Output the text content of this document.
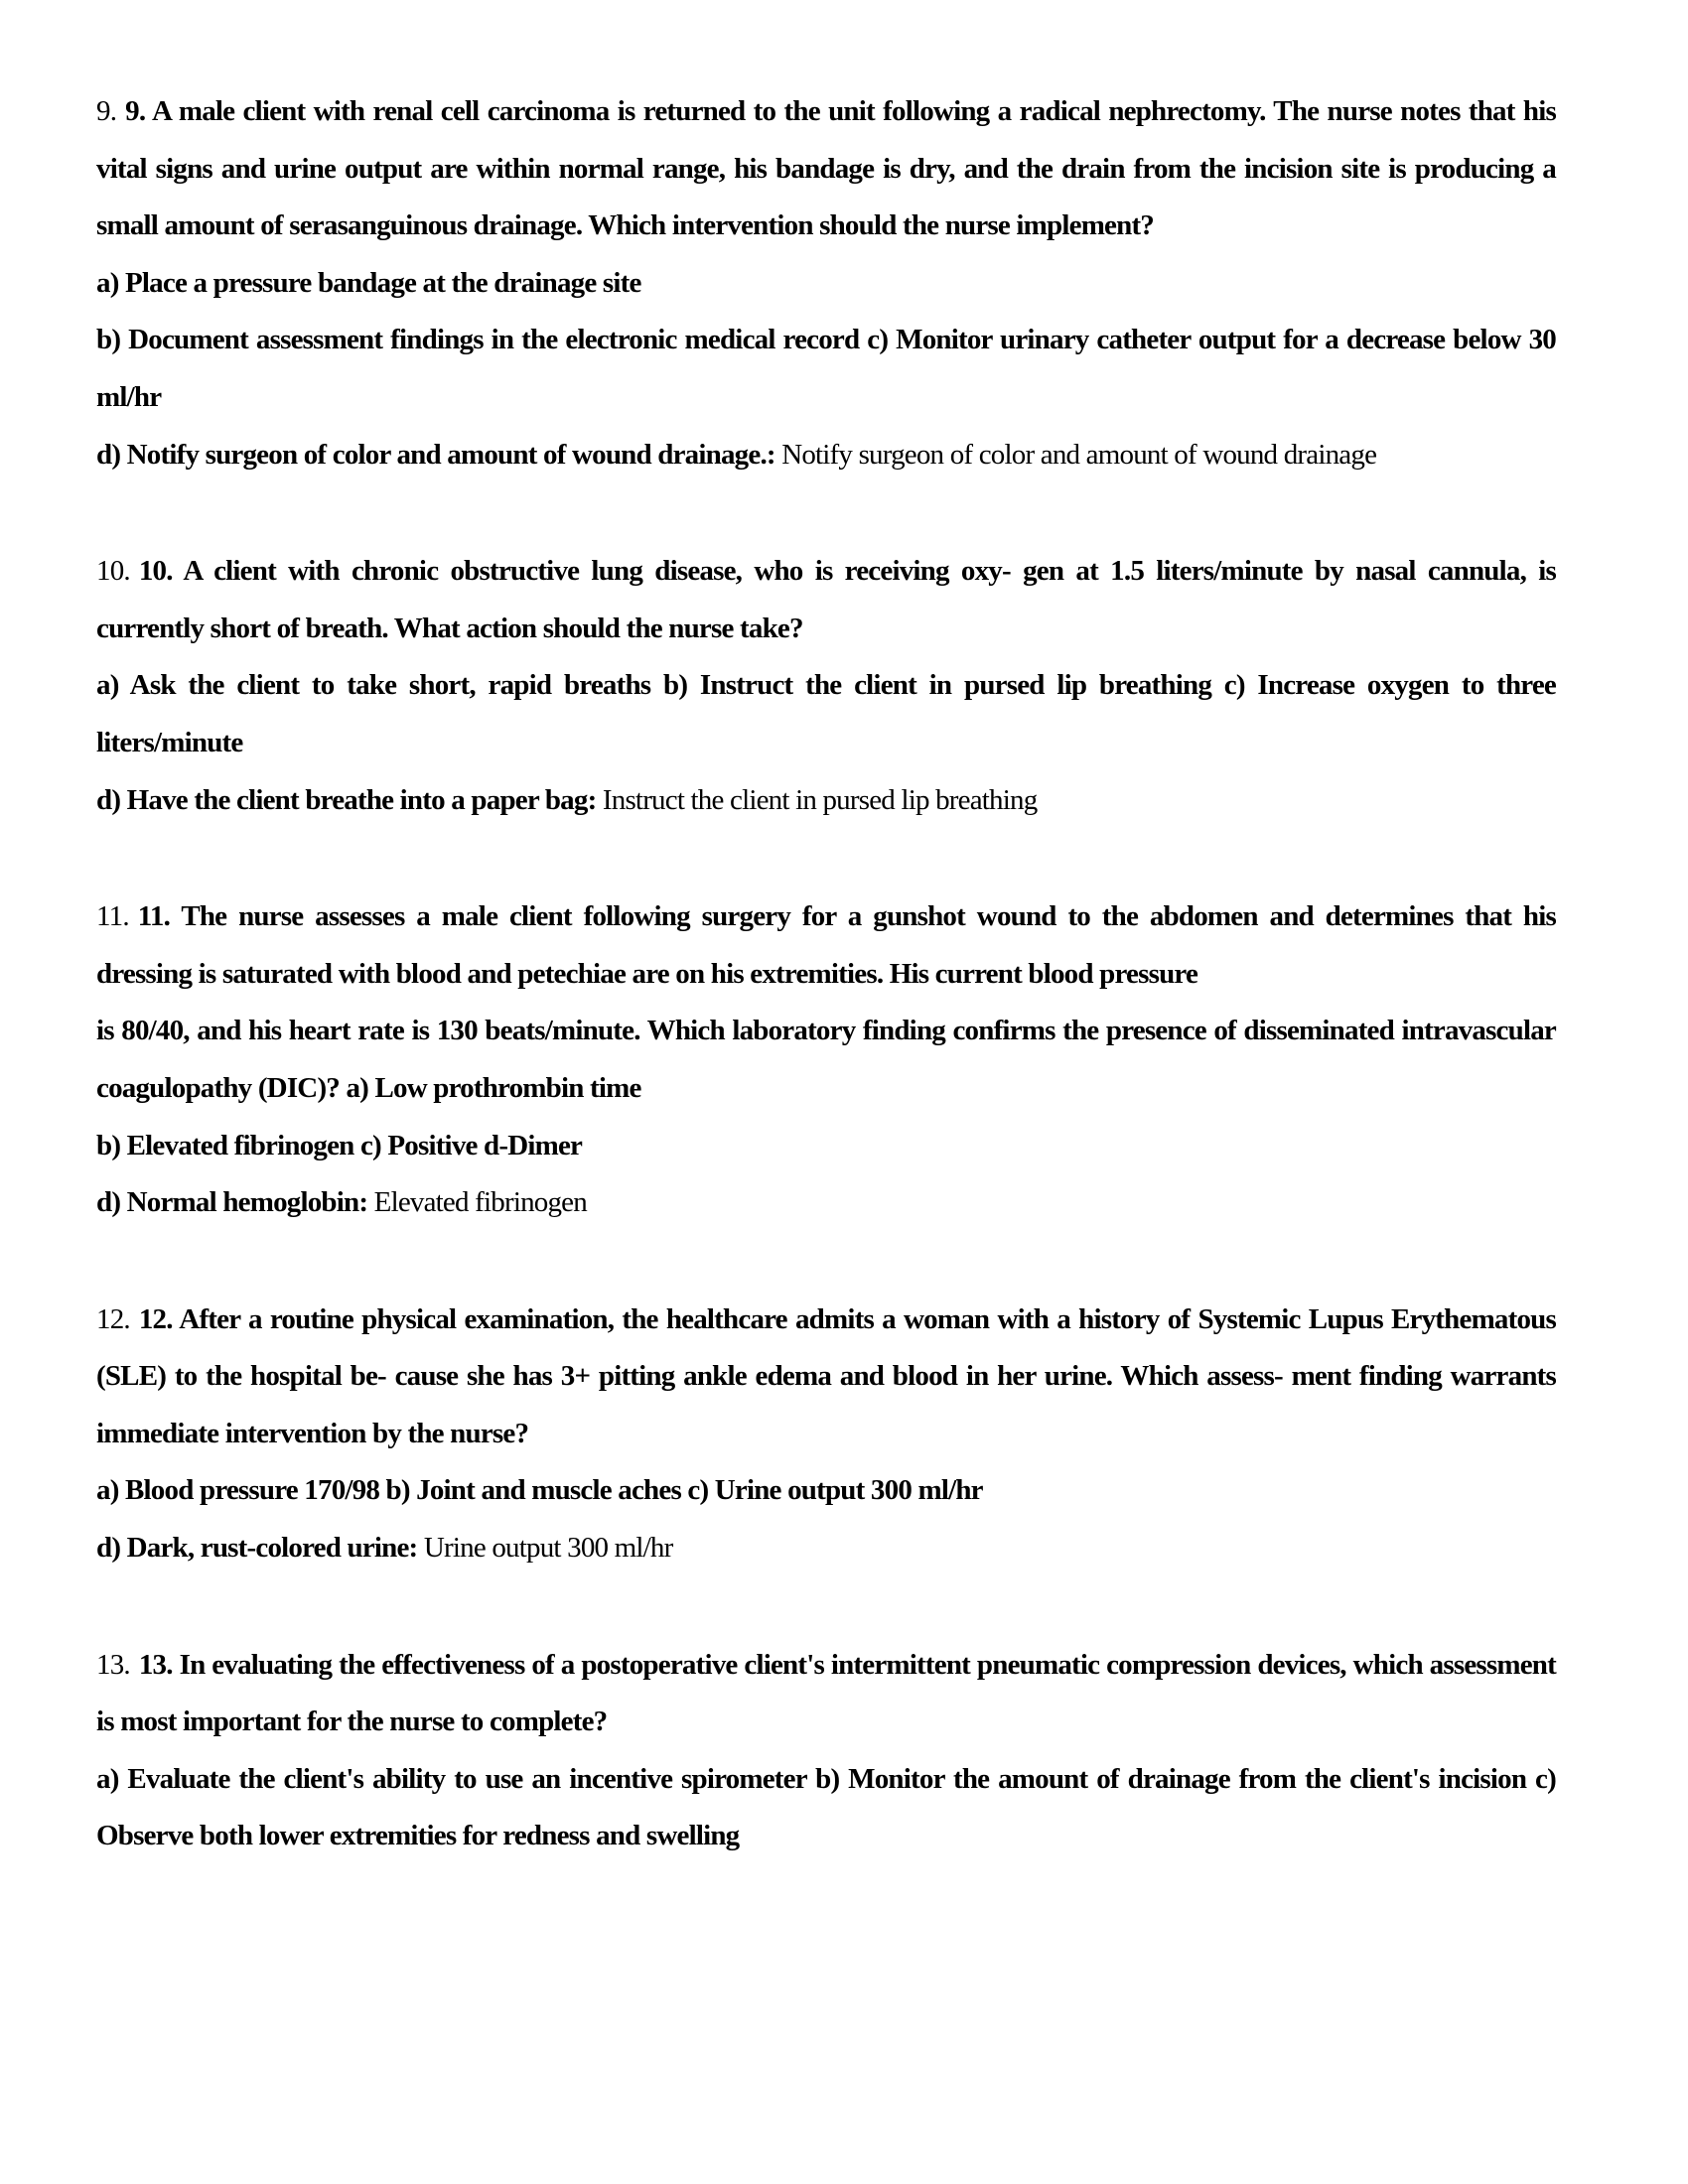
9. 9. A male client with renal cell carcinoma is returned to the unit following a radical nephrectomy. The nurse notes that his vital signs and urine output are within normal range, his bandage is dry, and the drain from the incision site is producing a small amount of serasanguinous drainage. Which intervention should the nurse implement?

a) Place a pressure bandage at the drainage site

b) Document assessment findings in the electronic medical record c) Monitor urinary catheter output for a decrease below 30 ml/hr

d) Notify surgeon of color and amount of wound drainage.: Notify surgeon of color and amount of wound drainage

10. 10. A client with chronic obstructive lung disease, who is receiving oxy- gen at 1.5 liters/minute by nasal cannula, is currently short of breath. What action should the nurse take?

a) Ask the client to take short, rapid breaths b) Instruct the client in pursed lip breathing c) Increase oxygen to three liters/minute

d) Have the client breathe into a paper bag: Instruct the client in pursed lip breathing

11. 11. The nurse assesses a male client following surgery for a gunshot wound to the abdomen and determines that his dressing is saturated with blood and petechiae are on his extremities. His current blood pressure

is 80/40, and his heart rate is 130 beats/minute. Which laboratory finding confirms the presence of disseminated intravascular coagulopathy (DIC)? a) Low prothrombin time

b) Elevated fibrinogen c) Positive d-Dimer

d) Normal hemoglobin: Elevated fibrinogen

12. 12. After a routine physical examination, the healthcare admits a woman with a history of Systemic Lupus Erythematous (SLE) to the hospital be- cause she has 3+ pitting ankle edema and blood in her urine. Which assess- ment finding warrants immediate intervention by the nurse?

a) Blood pressure 170/98 b) Joint and muscle aches c) Urine output 300 ml/hr

d) Dark, rust-colored urine: Urine output 300 ml/hr

13. 13. In evaluating the effectiveness of a postoperative client's intermittent pneumatic compression devices, which assessment is most important for the nurse to complete?

a) Evaluate the client's ability to use an incentive spirometer b) Monitor the amount of drainage from the client's incision c) Observe both lower extremities for redness and swelling
